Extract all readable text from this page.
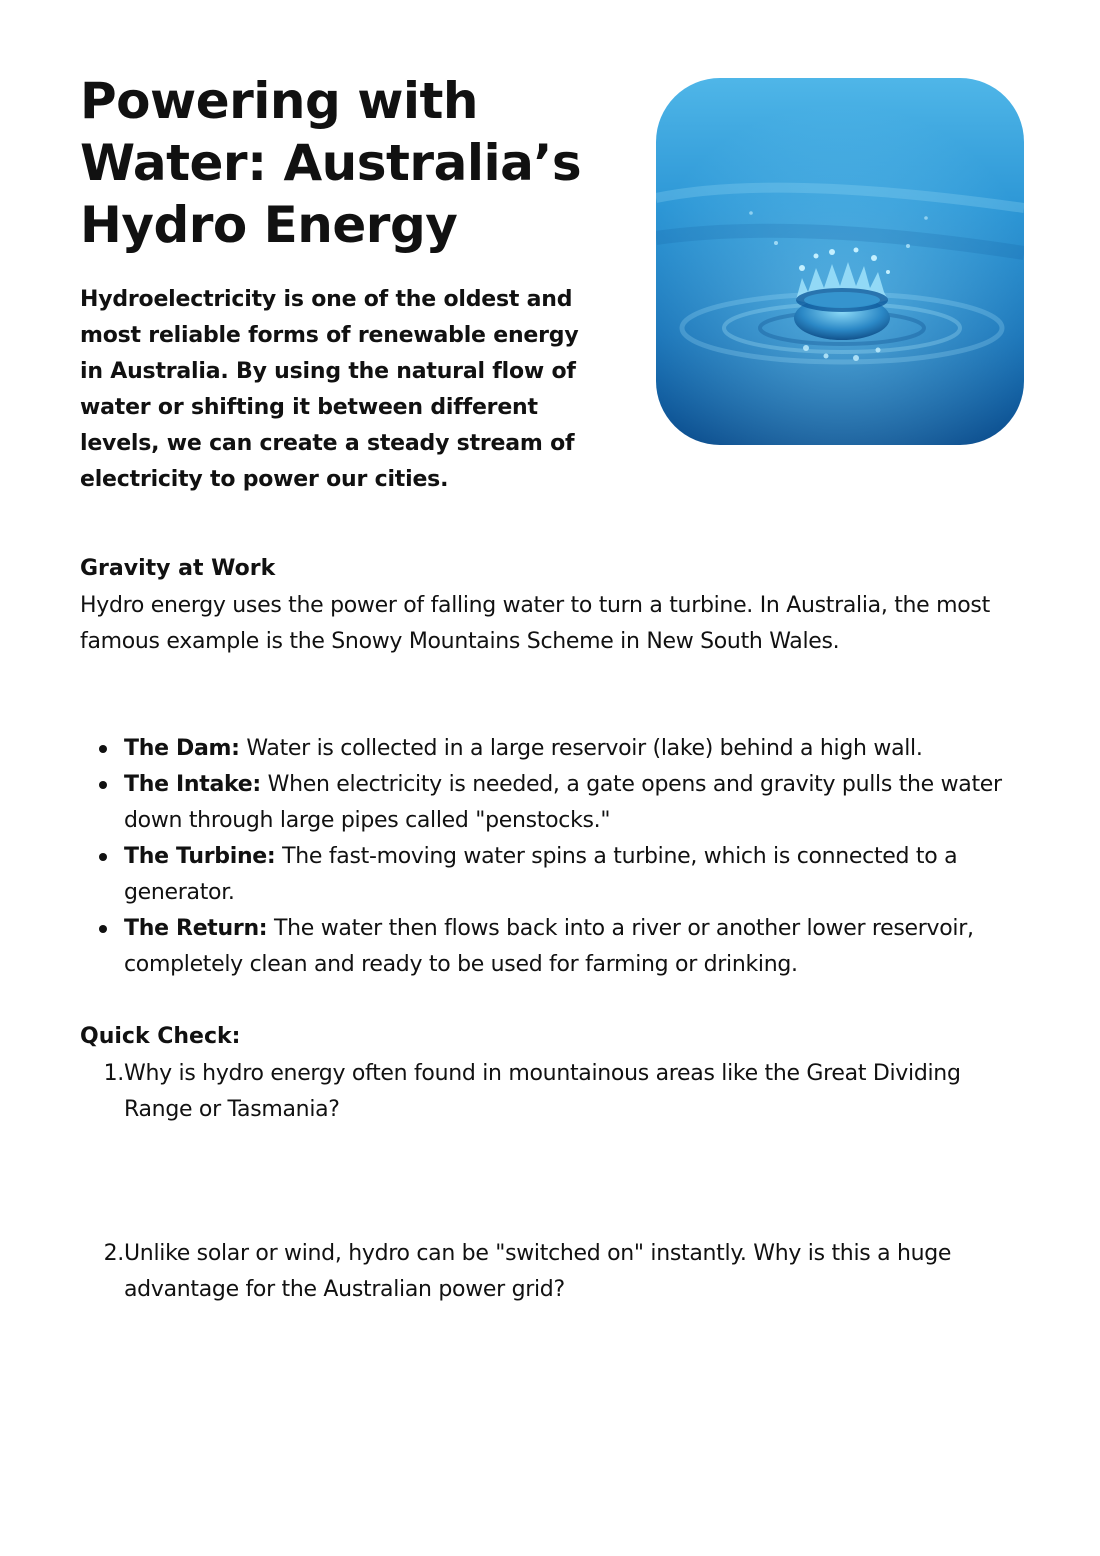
Powering with Water: Australia’s Hydro Energy

Hydroelectricity is one of the oldest and most reliable forms of renewable energy in Australia. By using the natural flow of water or shifting it between different levels, we can create a steady stream of electricity to power our cities.

Gravity at Work

Hydro energy uses the power of falling water to turn a turbine. In Australia, the most famous example is the Snowy Mountains Scheme in New South Wales.

The Dam: Water is collected in a large reservoir (lake) behind a high wall.
The Intake: When electricity is needed, a gate opens and gravity pulls the water down through large pipes called "penstocks."
The Turbine: The fast-moving water spins a turbine, which is connected to a generator.
The Return: The water then flows back into a river or another lower reservoir, completely clean and ready to be used for farming or drinking.
Quick Check:
1. Why is hydro energy often found in mountainous areas like the Great Dividing Range or Tasmania?
2. Unlike solar or wind, hydro can be "switched on" instantly. Why is this a huge advantage for the Australian power grid?
